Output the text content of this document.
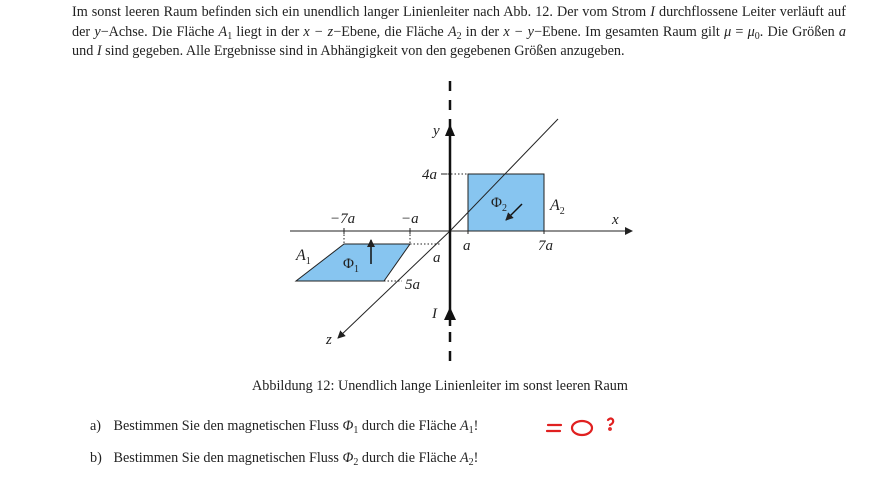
Im sonst leeren Raum befinden sich ein unendlich langer Linienleiter nach Abb. 12. Der vom Strom I durchflossene Leiter verläuft auf der y−Achse. Die Fläche $A_1$ liegt in der x − z−Ebene, die Fläche $A_2$ in der x − y−Ebene. Im gesamten Raum gilt $\mu = \mu_0$. Die Größen a und I sind gegeben. Alle Ergebnisse sind in Abhängigkeit von den gegebenen Größen anzugeben.

y
x
z
I
4a
−7a	−a
a	7a
a
5a
$A_1$
$A_2$
$\Phi_1$
$\Phi_2$
Abbildung 12: Unendlich lange Linienleiter im sonst leeren Raum
a) Bestimmen Sie den magnetischen Fluss $\Phi_1$ durch die Fläche $A_1$!
b) Bestimmen Sie den magnetischen Fluss $\Phi_2$ durch die Fläche $A_2$!
